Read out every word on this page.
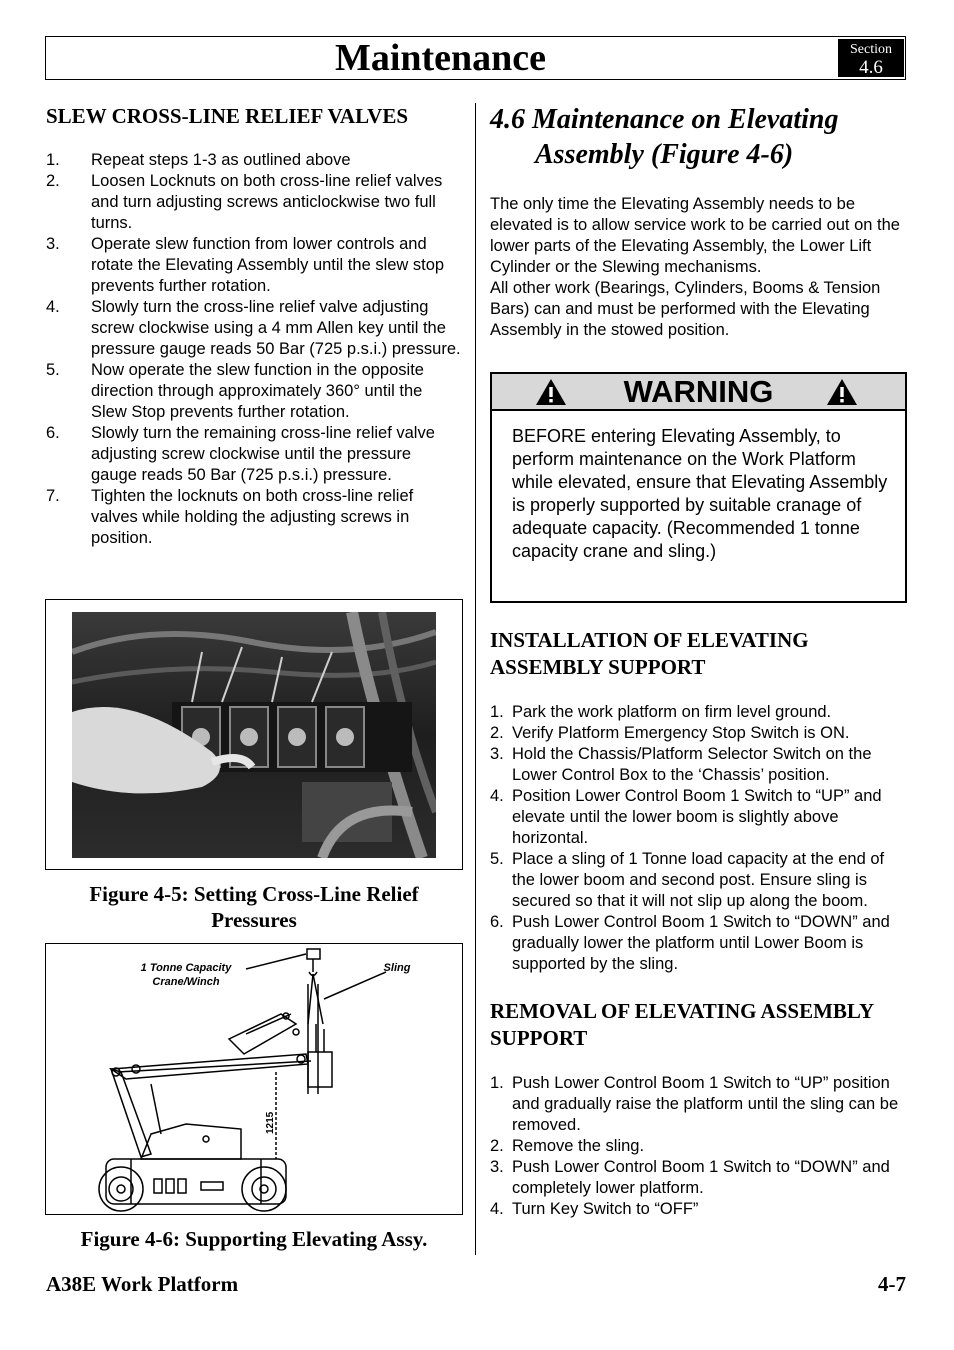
Maintenance	Section
4.6
SLEW CROSS-LINE RELIEF VALVES
1. Repeat steps 1-3 as outlined above
2. Loosen Locknuts on both cross-line relief valves and turn adjusting screws anticlockwise two full turns.
3. Operate slew function from lower controls and rotate the Elevating Assembly until the slew stop prevents further rotation.
4. Slowly turn the cross-line relief valve adjusting screw clockwise using a 4 mm Allen key until the pressure gauge reads 50 Bar (725 p.s.i.) pressure.
5. Now operate the slew function in the opposite direction through approximately 360° until the Slew Stop prevents further rotation.
6. Slowly turn the remaining cross-line relief valve adjusting screw clockwise until the pressure gauge reads 50 Bar (725 p.s.i.) pressure.
7. Tighten the locknuts on both cross-line relief valves while holding the adjusting screws in position.
Figure 4-5: Setting Cross-Line Relief Pressures
1 Tonne Capacity
Crane/Winch
Sling
1215
Figure 4-6: Supporting Elevating Assy.
4.6 Maintenance on Elevating
Assembly (Figure 4-6)
The only time the Elevating Assembly needs to be elevated is to allow service work to be carried out on the lower parts of the Elevating Assembly, the Lower Lift Cylinder or the Slewing mechanisms.
All other work (Bearings, Cylinders, Booms & Tension Bars) can and must be performed with the Elevating Assembly in the stowed position.
WARNING
BEFORE entering Elevating Assembly, to perform maintenance on the Work Platform while elevated, ensure that Elevating Assembly is properly supported by suitable cranage of adequate capacity. (Recommended 1 tonne capacity crane and sling.)
INSTALLATION OF ELEVATING ASSEMBLY SUPPORT
1. Park the work platform on firm level ground.
2. Verify Platform Emergency Stop Switch is ON.
3. Hold the Chassis/Platform Selector Switch on the Lower Control Box to the ‘Chassis’ position.
4. Position Lower Control Boom 1 Switch to “UP” and elevate until the lower boom is slightly above horizontal.
5. Place a sling of 1 Tonne load capacity at the end of the lower boom and second post. Ensure sling is secured so that it will not slip up along the boom.
6. Push Lower Control Boom 1 Switch to “DOWN” and gradually lower the platform until Lower Boom is supported by the sling.
REMOVAL OF ELEVATING ASSEMBLY SUPPORT
1. Push Lower Control Boom 1 Switch to “UP” position and gradually raise the platform until the sling can be removed.
2. Remove the sling.
3. Push Lower Control Boom 1 Switch to “DOWN” and completely lower platform.
4. Turn Key Switch to “OFF”
A38E Work Platform	4-7
